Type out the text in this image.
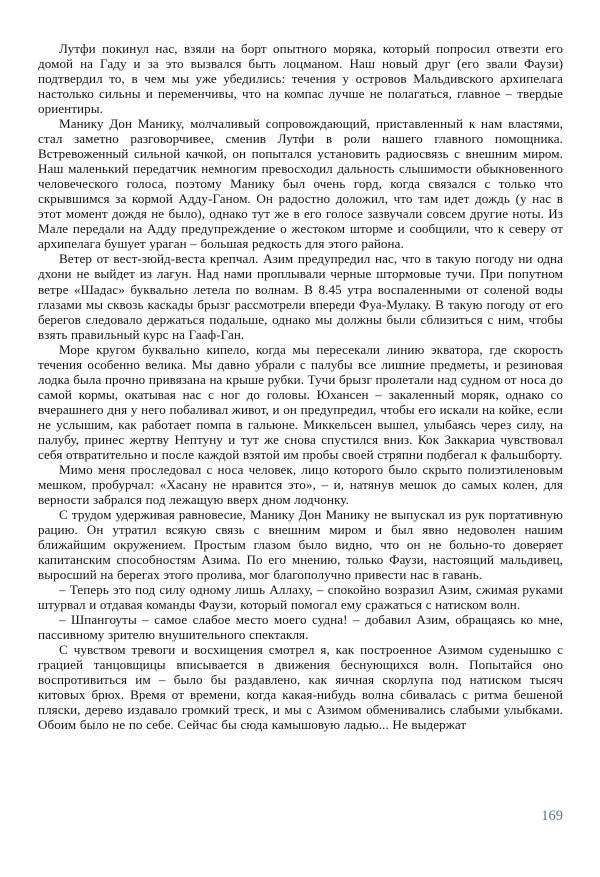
Лутфи покинул нас, взяли на борт опытного моряка, который попросил отвезти его домой на Гаду и за это вызвался быть лоцманом. Наш новый друг (его звали Фаузи) подтвердил то, в чем мы уже убедились: течения у островов Мальдивского архипелага настолько сильны и переменчивы, что на компас лучше не полагаться, главное – твердые ориентиры.

Манику Дон Манику, молчаливый сопровождающий, приставленный к нам властями, стал заметно разговорчивее, сменив Лутфи в роли нашего главного помощника. Встревоженный сильной качкой, он попытался установить радиосвязь с внешним миром. Наш маленький передатчик немногим превосходил дальность слышимости обыкновенного человеческого голоса, поэтому Манику был очень горд, когда связался с только что скрывшимся за кормой Адду-Ганом. Он радостно доложил, что там идет дождь (у нас в этот момент дождя не было), однако тут же в его голосе зазвучали совсем другие ноты. Из Мале передали на Адду предупреждение о жестоком шторме и сообщили, что к северу от архипелага бушует ураган – большая редкость для этого района.

Ветер от вест-зюйд-веста крепчал. Азим предупредил нас, что в такую погоду ни одна дхони не выйдет из лагун. Над нами проплывали черные штормовые тучи. При попутном ветре «Шадас» буквально летела по волнам. В 8.45 утра воспаленными от соленой воды глазами мы сквозь каскады брызг рассмотрели впереди Фуа-Мулаку. В такую погоду от его берегов следовало держаться подальше, однако мы должны были сблизиться с ним, чтобы взять правильный курс на Гааф-Ган.

Море кругом буквально кипело, когда мы пересекали линию экватора, где скорость течения особенно велика. Мы давно убрали с палубы все лишние предметы, и резиновая лодка была прочно привязана на крыше рубки. Тучи брызг пролетали над судном от носа до самой кормы, окатывая нас с ног до головы. Юхансен – закаленный моряк, однако со вчерашнего дня у него побаливал живот, и он предупредил, чтобы его искали на койке, если не услышим, как работает помпа в гальюне. Миккельсен вышел, улыбаясь через силу, на палубу, принес жертву Нептуну и тут же снова спустился вниз. Кок Заккариа чувствовал себя отвратительно и после каждой взятой им пробы своей стряпни подбегал к фальшборту.

Мимо меня проследовал с носа человек, лицо которого было скрыто полиэтиленовым мешком, пробурчал: «Хасану не нравится это», – и, натянув мешок до самых колен, для верности забрался под лежащую вверх дном лодчонку.

С трудом удерживая равновесие, Манику Дон Манику не выпускал из рук портативную рацию. Он утратил всякую связь с внешним миром и был явно недоволен нашим ближайшим окружением. Простым глазом было видно, что он не больно-то доверяет капитанским способностям Азима. По его мнению, только Фаузи, настоящий мальдивец, выросший на берегах этого пролива, мог благополучно привести нас в гавань.

– Теперь это под силу одному лишь Аллаху, – спокойно возразил Азим, сжимая руками штурвал и отдавая команды Фаузи, который помогал ему сражаться с натиском волн.

– Шпангоуты – самое слабое место моего судна! – добавил Азим, обращаясь ко мне, пассивному зрителю внушительного спектакля.

С чувством тревоги и восхищения смотрел я, как построенное Азимом суденышко с грацией танцовщицы вписывается в движения беснующихся волн. Попытайся оно воспротивиться им – было бы раздавлено, как яичная скорлупа под натиском тысяч китовых брюх. Время от времени, когда какая-нибудь волна сбивалась с ритма бешеной пляски, дерево издавало громкий треск, и мы с Азимом обменивались слабыми улыбками. Обоим было не по себе. Сейчас бы сюда камышовую ладью... Не выдержат

169
